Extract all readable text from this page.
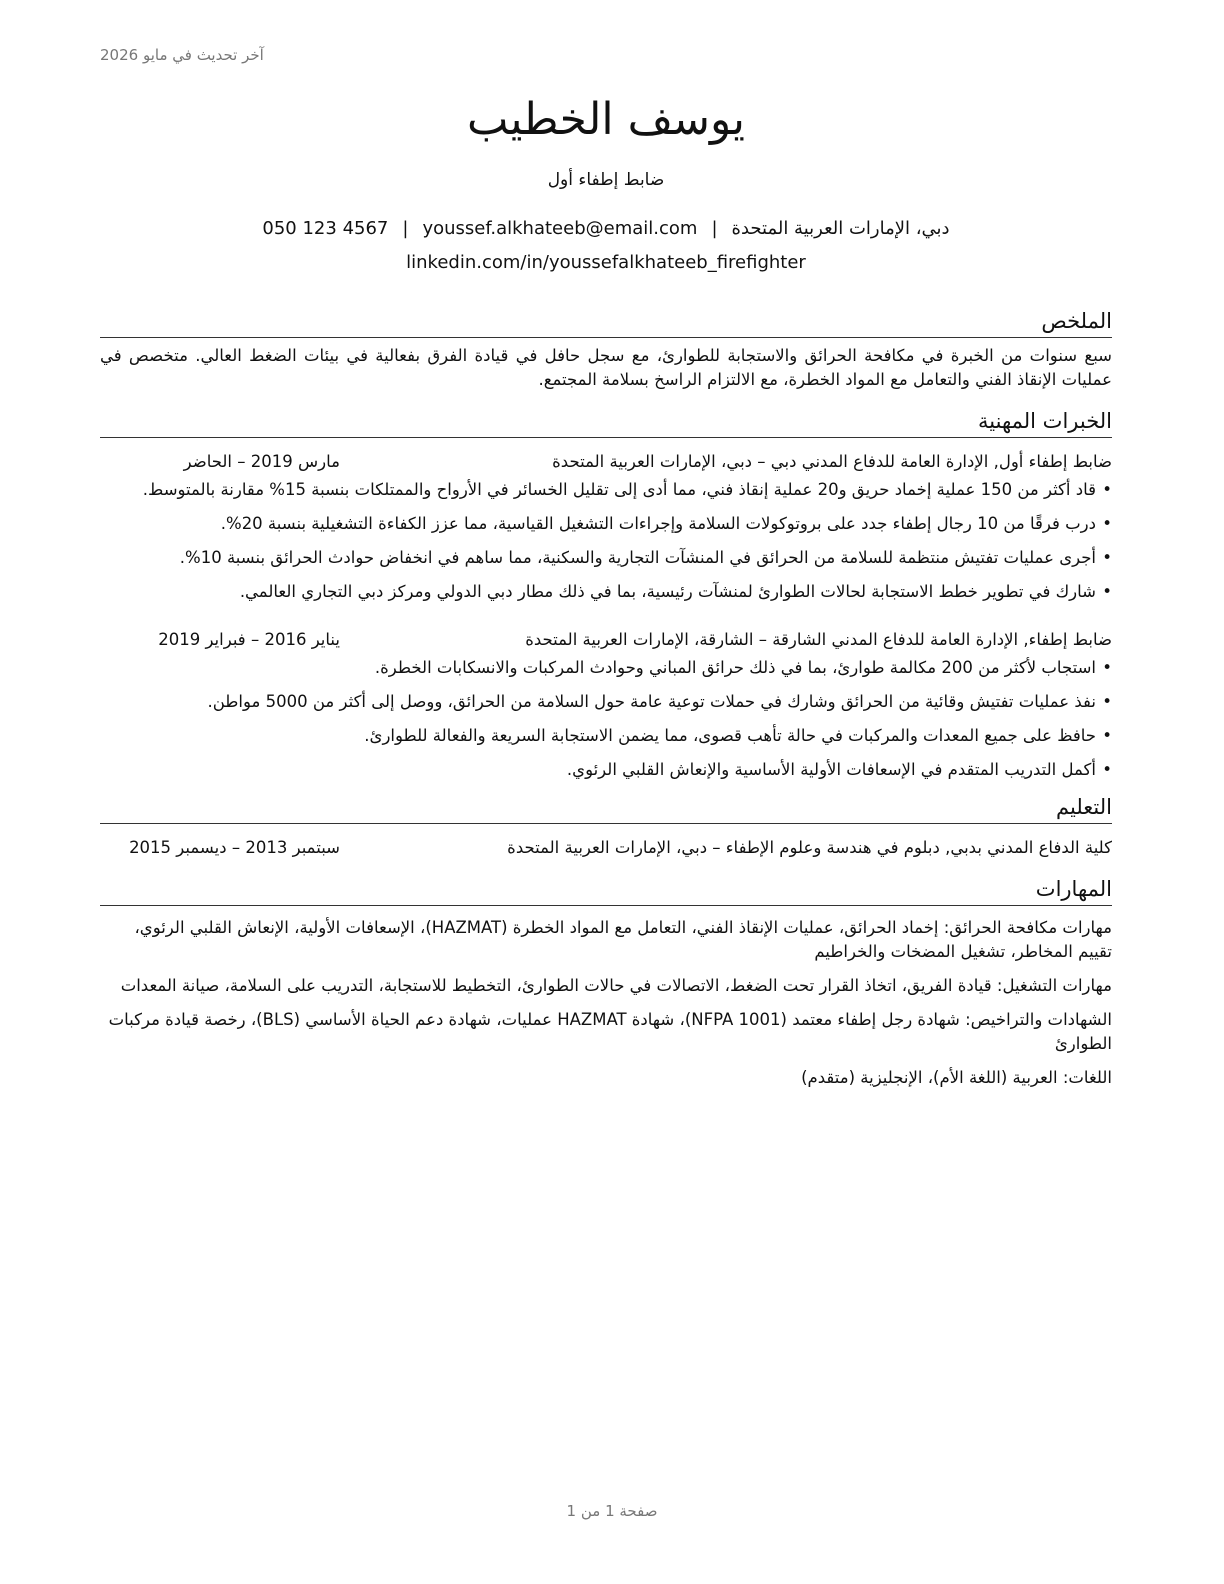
آخر تحديث في مايو 2026
يوسف الخطيب
ضابط إطفاء أول
دبي، الإمارات العربية المتحدة|youssef.alkhateeb@email.com|050 123 4567
linkedin.com/in/youssefalkhateeb_firefighter
الملخص
سبع سنوات من الخبرة في مكافحة الحرائق والاستجابة للطوارئ، مع سجل حافل في قيادة الفرق بفعالية في بيئات الضغط العالي. متخصص في عمليات الإنقاذ الفني والتعامل مع المواد الخطرة، مع الالتزام الراسخ بسلامة المجتمع.
الخبرات المهنية
ضابط إطفاء أول, الإدارة العامة للدفاع المدني دبي – دبي، الإمارات العربية المتحدة
مارس 2019 – الحاضر
• قاد أكثر من 150 عملية إخماد حريق و20 عملية إنقاذ فني، مما أدى إلى تقليل الخسائر في الأرواح والممتلكات بنسبة 15% مقارنة بالمتوسط.
• درب فرقًا من 10 رجال إطفاء جدد على بروتوكولات السلامة وإجراءات التشغيل القياسية، مما عزز الكفاءة التشغيلية بنسبة 20%.
• أجرى عمليات تفتيش منتظمة للسلامة من الحرائق في المنشآت التجارية والسكنية، مما ساهم في انخفاض حوادث الحرائق بنسبة 10%.
• شارك في تطوير خطط الاستجابة لحالات الطوارئ لمنشآت رئيسية، بما في ذلك مطار دبي الدولي ومركز دبي التجاري العالمي.
ضابط إطفاء, الإدارة العامة للدفاع المدني الشارقة – الشارقة، الإمارات العربية المتحدة
يناير 2016 – فبراير 2019
• استجاب لأكثر من 200 مكالمة طوارئ، بما في ذلك حرائق المباني وحوادث المركبات والانسكابات الخطرة.
• نفذ عمليات تفتيش وقائية من الحرائق وشارك في حملات توعية عامة حول السلامة من الحرائق، ووصل إلى أكثر من 5000 مواطن.
• حافظ على جميع المعدات والمركبات في حالة تأهب قصوى، مما يضمن الاستجابة السريعة والفعالة للطوارئ.
• أكمل التدريب المتقدم في الإسعافات الأولية الأساسية والإنعاش القلبي الرئوي.
التعليم
كلية الدفاع المدني بدبي, دبلوم في هندسة وعلوم الإطفاء – دبي، الإمارات العربية المتحدة
سبتمبر 2013 – ديسمبر 2015
المهارات
مهارات مكافحة الحرائق: إخماد الحرائق، عمليات الإنقاذ الفني، التعامل مع المواد الخطرة (HAZMAT)، الإسعافات الأولية، الإنعاش القلبي الرئوي، تقييم المخاطر، تشغيل المضخات والخراطيم
مهارات التشغيل: قيادة الفريق، اتخاذ القرار تحت الضغط، الاتصالات في حالات الطوارئ، التخطيط للاستجابة، التدريب على السلامة، صيانة المعدات
الشهادات والتراخيص: شهادة رجل إطفاء معتمد (NFPA 1001)، شهادة HAZMAT عمليات، شهادة دعم الحياة الأساسي (BLS)، رخصة قيادة مركبات الطوارئ
اللغات: العربية (اللغة الأم)، الإنجليزية (متقدم)
صفحة 1 من 1
